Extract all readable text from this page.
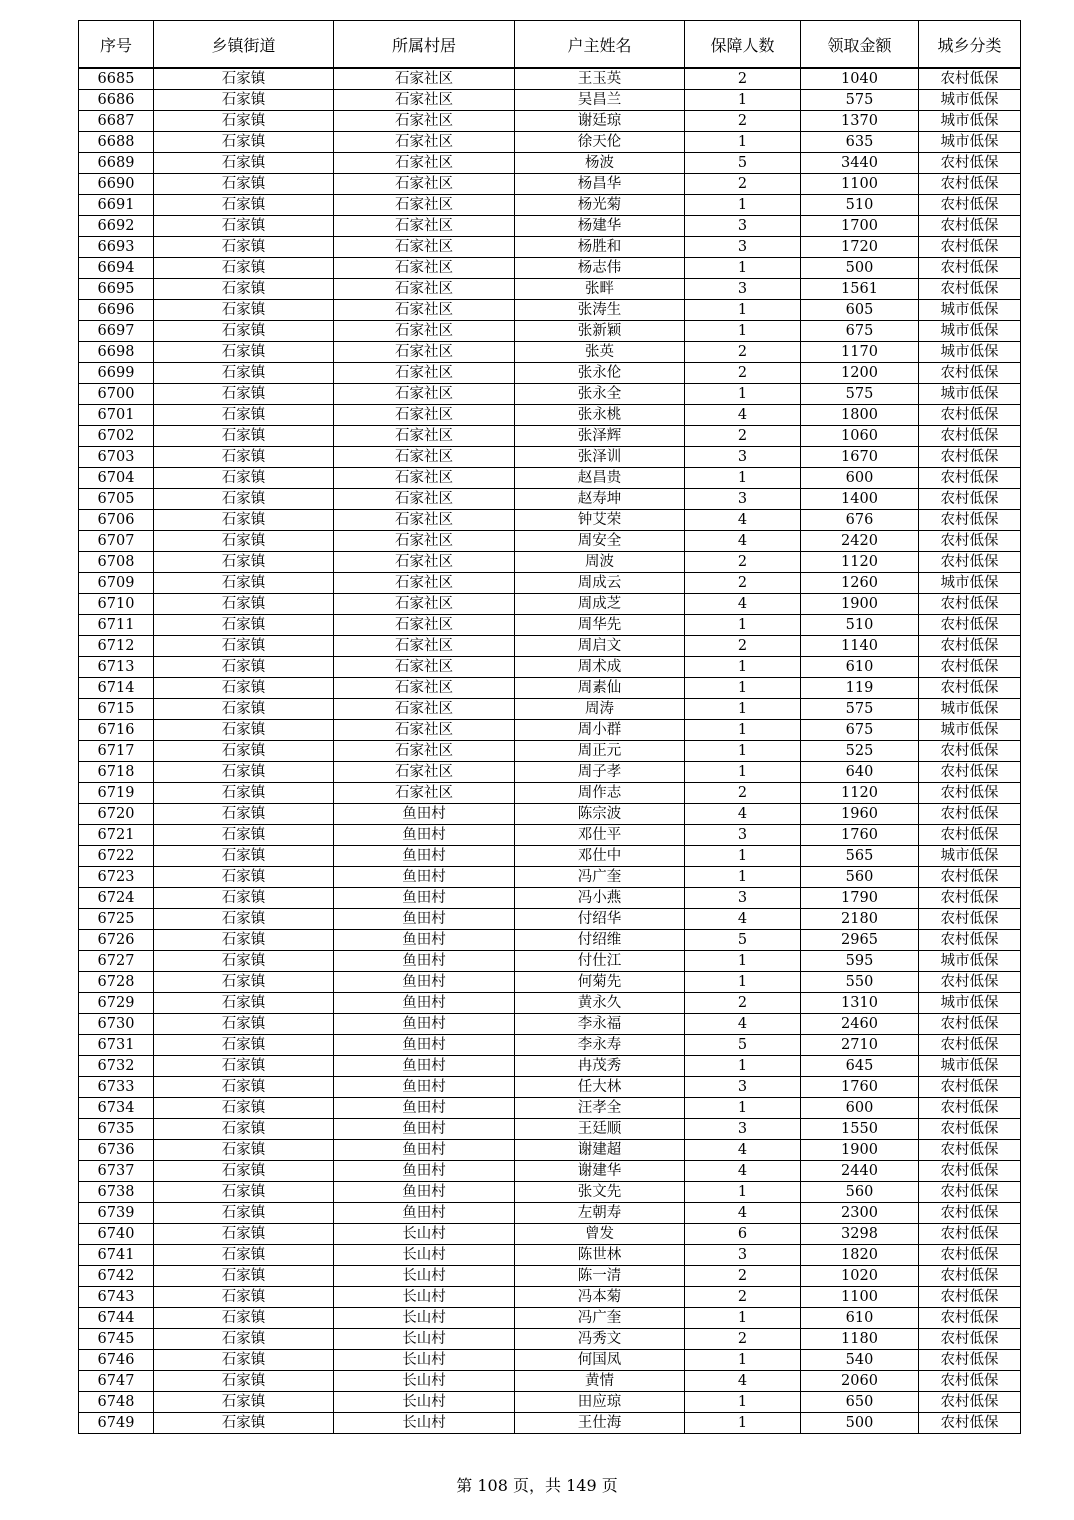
序号	乡镇街道	所属村居	户主姓名	保障人数	领取金额	城乡分类
6685	石家镇	石家社区	王玉英	2	1040	农村低保
6686	石家镇	石家社区	吴昌兰	1	575	城市低保
6687	石家镇	石家社区	谢廷琼	2	1370	城市低保
6688	石家镇	石家社区	徐天伦	1	635	城市低保
6689	石家镇	石家社区	杨波	5	3440	农村低保
6690	石家镇	石家社区	杨昌华	2	1100	农村低保
6691	石家镇	石家社区	杨光菊	1	510	农村低保
6692	石家镇	石家社区	杨建华	3	1700	农村低保
6693	石家镇	石家社区	杨胜和	3	1720	农村低保
6694	石家镇	石家社区	杨志伟	1	500	农村低保
6695	石家镇	石家社区	张畔	3	1561	农村低保
6696	石家镇	石家社区	张涛生	1	605	城市低保
6697	石家镇	石家社区	张新颖	1	675	城市低保
6698	石家镇	石家社区	张英	2	1170	城市低保
6699	石家镇	石家社区	张永伦	2	1200	农村低保
6700	石家镇	石家社区	张永全	1	575	城市低保
6701	石家镇	石家社区	张永桃	4	1800	农村低保
6702	石家镇	石家社区	张泽辉	2	1060	农村低保
6703	石家镇	石家社区	张泽训	3	1670	农村低保
6704	石家镇	石家社区	赵昌贵	1	600	农村低保
6705	石家镇	石家社区	赵寿坤	3	1400	农村低保
6706	石家镇	石家社区	钟艾荣	4	676	农村低保
6707	石家镇	石家社区	周安全	4	2420	农村低保
6708	石家镇	石家社区	周波	2	1120	农村低保
6709	石家镇	石家社区	周成云	2	1260	城市低保
6710	石家镇	石家社区	周成芝	4	1900	农村低保
6711	石家镇	石家社区	周华先	1	510	农村低保
6712	石家镇	石家社区	周启文	2	1140	农村低保
6713	石家镇	石家社区	周术成	1	610	农村低保
6714	石家镇	石家社区	周素仙	1	119	农村低保
6715	石家镇	石家社区	周涛	1	575	城市低保
6716	石家镇	石家社区	周小群	1	675	城市低保
6717	石家镇	石家社区	周正元	1	525	农村低保
6718	石家镇	石家社区	周子孝	1	640	农村低保
6719	石家镇	石家社区	周作志	2	1120	农村低保
6720	石家镇	鱼田村	陈宗波	4	1960	农村低保
6721	石家镇	鱼田村	邓仕平	3	1760	农村低保
6722	石家镇	鱼田村	邓仕中	1	565	城市低保
6723	石家镇	鱼田村	冯广奎	1	560	农村低保
6724	石家镇	鱼田村	冯小燕	3	1790	农村低保
6725	石家镇	鱼田村	付绍华	4	2180	农村低保
6726	石家镇	鱼田村	付绍维	5	2965	农村低保
6727	石家镇	鱼田村	付仕江	1	595	城市低保
6728	石家镇	鱼田村	何菊先	1	550	农村低保
6729	石家镇	鱼田村	黄永久	2	1310	城市低保
6730	石家镇	鱼田村	李永福	4	2460	农村低保
6731	石家镇	鱼田村	李永寿	5	2710	农村低保
6732	石家镇	鱼田村	冉茂秀	1	645	城市低保
6733	石家镇	鱼田村	任大林	3	1760	农村低保
6734	石家镇	鱼田村	汪孝全	1	600	农村低保
6735	石家镇	鱼田村	王廷顺	3	1550	农村低保
6736	石家镇	鱼田村	谢建超	4	1900	农村低保
6737	石家镇	鱼田村	谢建华	4	2440	农村低保
6738	石家镇	鱼田村	张文先	1	560	农村低保
6739	石家镇	鱼田村	左朝寿	4	2300	农村低保
6740	石家镇	长山村	曾发	6	3298	农村低保
6741	石家镇	长山村	陈世林	3	1820	农村低保
6742	石家镇	长山村	陈一清	2	1020	农村低保
6743	石家镇	长山村	冯本菊	2	1100	农村低保
6744	石家镇	长山村	冯广奎	1	610	农村低保
6745	石家镇	长山村	冯秀文	2	1180	农村低保
6746	石家镇	长山村	何国凤	1	540	农村低保
6747	石家镇	长山村	黄情	4	2060	农村低保
6748	石家镇	长山村	田应琼	1	650	农村低保
6749	石家镇	长山村	王仕海	1	500	农村低保
第 108 页，共 149 页
